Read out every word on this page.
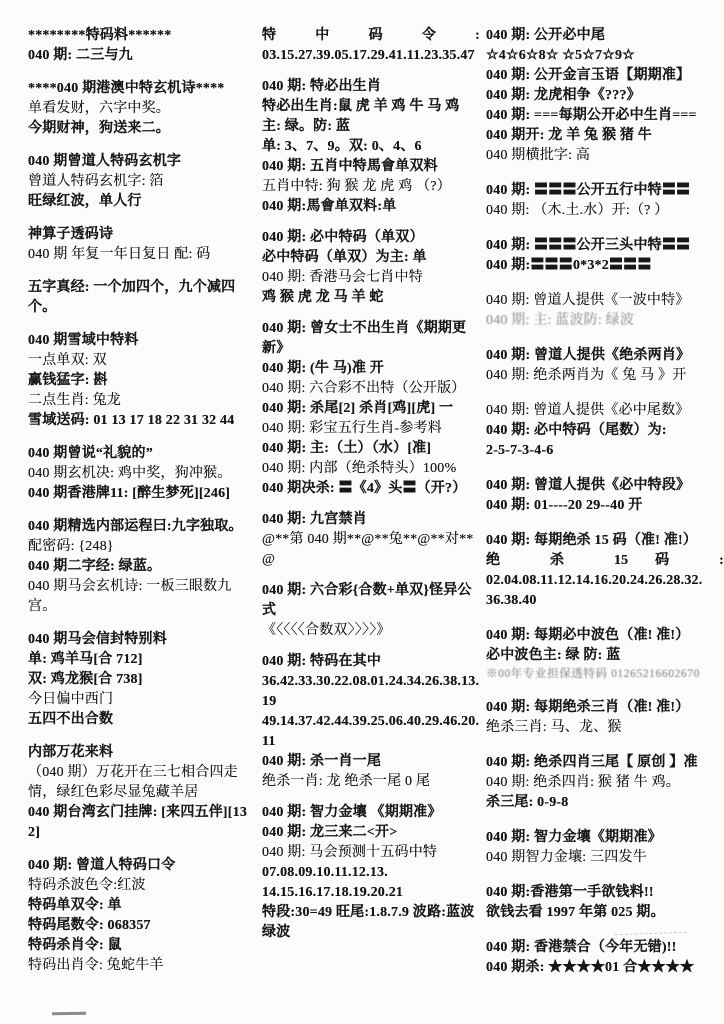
********特码料******
040 期: 二三与九
****040 期港澳中特玄机诗****
单看发财，六字中奖。
今期财神，狗送来二。
040 期曾道人特码玄机字
曾道人特码玄机字: 箔
旺绿红波，单人行
神算子透码诗
040 期 年复一年日复日 配: 码
五字真经: 一个加四个，九个减四个。
040 期雪域中特料
一点单双: 双
赢钱猛字: 斟
二点生肖: 兔龙
雪域送码: 01 13 17 18 22 31 32 44
040 期曾说“礼貌的”
040 期玄机决: 鸡中奖，狗冲猴。
040 期香港牌11: [醉生梦死][246]
040 期精选内部运程曰:九字独取。
配密码: {248}
040 期二字经: 绿蓝。
040 期马会玄机诗: 一板三眼数九宫。
040 期马会信封特别料
单: 鸡羊马[合 712]
双: 鸡龙猴[合 738]
今日偏中西门
五四不出合数
内部万花来料
（040 期）万花开在三七相合四走情，绿红色彩尽显兔藏羊居
040 期台湾玄门挂牌: [来四五伴][132]
040 期: 曾道人特码口令
特码杀波色令:红波
特码单双令: 单
特码尾数令: 068357
特码杀肖令: 鼠
特码出肖令: 兔蛇牛羊
特 中 码 令 :
03.15.27.39.05.17.29.41.11.23.35.47
040 期: 特必出生肖
特必出生肖:鼠 虎 羊 鸡 牛 马 鸡
主: 绿。防: 蓝
单: 3、7、9。双: 0、4、6
040 期: 五肖中特馬會单双料
五肖中特: 狗 猴 龙 虎 鸡 （?）
040 期:馬會单双料:单
040 期: 必中特码（单双）
必中特码（单双）为主: 单
040 期: 香港马会七肖中特
鸡 猴 虎 龙 马 羊 蛇
040 期: 曾女士不出生肖《期期更新》
040 期: (牛 马)准 开
040 期: 六合彩不出特（公开版）
040 期: 杀尾[2] 杀肖[鸡][虎] 一
040 期: 彩宝五行生肖-参考料
040 期: 主:（土）（水）[准]
040 期: 内部（绝杀特头）100%
040 期决杀: 〓《4》头〓（开?）
040 期: 九宫禁肖
@**第 040 期**@**兔**@**对**@
040 期: 六合彩{合数+单双}怪异公式
《〈〈〈〈合数双〉〉〉〉》
040 期: 特码在其中
36.42.33.30.22.08.01.24.34.26.38.13.19
49.14.37.42.44.39.25.06.40.29.46.20.11
040 期: 杀一肖一尾
绝杀一肖: 龙 绝杀一尾 0 尾
040 期: 智力金壤 《期期准》
040 期: 龙三来二<开>
040 期: 马会预测十五码中特
07.08.09.10.11.12.13.
14.15.16.17.18.19.20.21
特段:30=49 旺尾:1.8.7.9 波路:蓝波绿波
040 期: 公开必中尾
☆4☆6☆8☆ ☆5☆7☆9☆
040 期: 公开金言玉语【期期准】
040 期: 龙虎相争《???》
040 期: ===每期公开必中生肖===
040 期开: 龙 羊 兔 猴 猪 牛
040 期横批字: 高
040 期: 〓〓〓公开五行中特〓〓
040 期: （木.土.水）开:（? ）
040 期: 〓〓〓公开三头中特〓〓
040 期:〓〓〓0*3*2〓〓〓
040 期: 曾道人提供《一波中特》
040 期: 主: 蓝波防: 绿波
040 期: 曾道人提供《绝杀两肖》
040 期: 绝杀两肖为《 兔 马 》开
040 期: 曾道人提供《必中尾数》
040 期: 必中特码（尾数）为:
2-5-7-3-4-6
040 期: 曾道人提供《必中特段》
040 期: 01----20 29--40 开
040 期: 每期绝杀 15 码（准! 准!）
绝 杀 15 码 :
02.04.08.11.12.14.16.20.24.26.28.32.
36.38.40
040 期: 每期必中波色（准! 准!）
必中波色主: 绿 防: 蓝
※00年专业担保透特码 01265216602670
040 期: 每期绝杀三肖（准! 准!）
绝杀三肖: 马、龙、猴
040 期: 绝杀四肖三尾【 原创 】准
040 期: 绝杀四肖: 猴 猪 牛 鸡。
杀三尾: 0-9-8
040 期: 智力金壤《期期准》
040 期智力金壤: 三四发牛
040 期:香港第一手欲钱料!!
欲钱去看 1997 年第 025 期。
040 期: 香港禁合（今年无错)!!
040 期杀: ★★★★01 合★★★★
